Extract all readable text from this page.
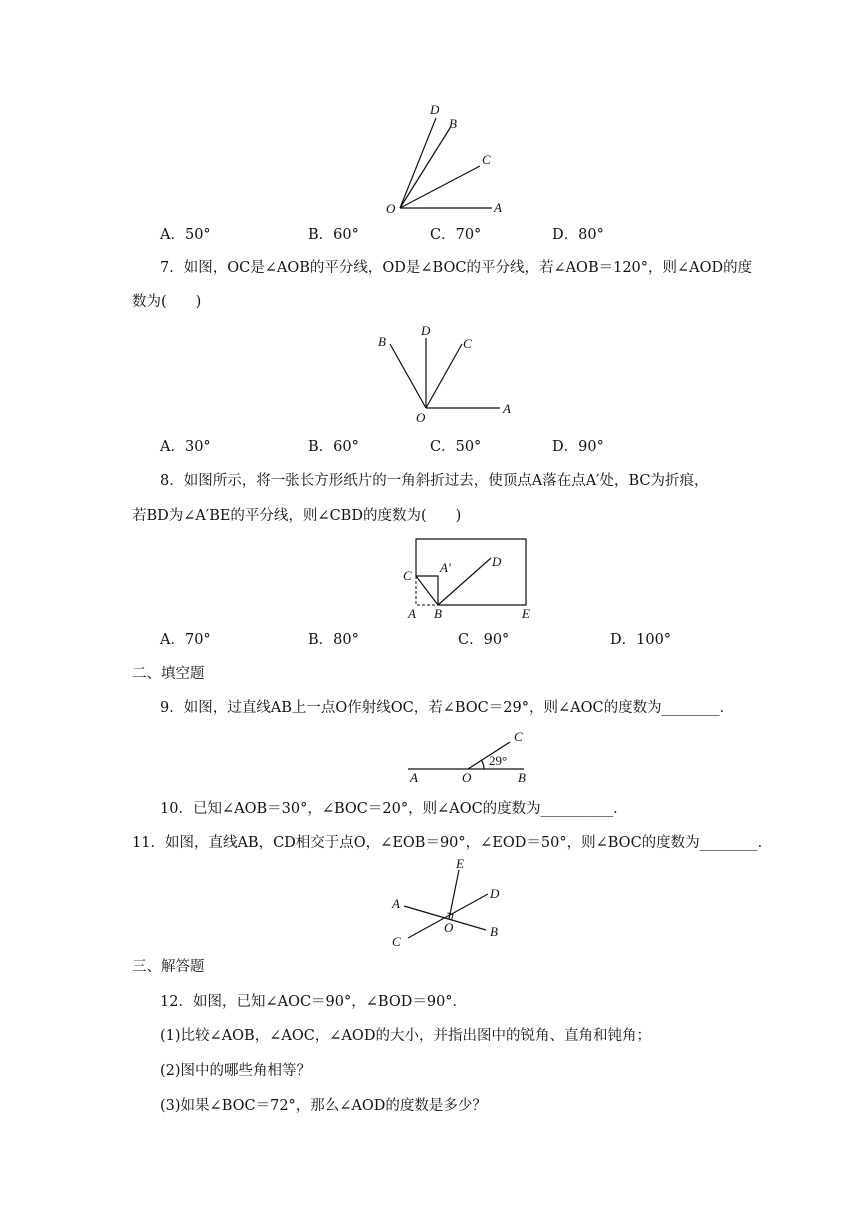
D
B
C
O	A
A．50°	B．60°	C．70°	D．80°
7．如图，OC是∠AOB的平分线，OD是∠BOC的平分线，若∠AOB＝120°，则∠AOD的度
数为(　　)
B
D
C
O
A
A．30°	B．60°	C．50°	D．90°
8．如图所示，将一张长方形纸片的一角斜折过去，使顶点A落在点A′处，BC为折痕，
若BD为∠A′BE的平分线，则∠CBD的度数为(　　)
C
A′	D
A B	E
A．70°	B．80°	C．90°	D．100°
二、填空题
9．如图，过直线AB上一点O作射线OC，若∠BOC＝29°，则∠AOC的度数为________．
C
A	O	B
29°
10．已知∠AOB＝30°，∠BOC＝20°，则∠AOC的度数为__________．
11．如图，直线AB，CD相交于点O，∠EOB＝90°，∠EOD＝50°，则∠BOC的度数为________．
E
D
A
O	B
C
三、解答题
12．如图，已知∠AOC＝90°，∠BOD＝90°．
(1)比较∠AOB，∠AOC，∠AOD的大小，并指出图中的锐角、直角和钝角；
(2)图中的哪些角相等？
(3)如果∠BOC＝72°，那么∠AOD的度数是多少？
